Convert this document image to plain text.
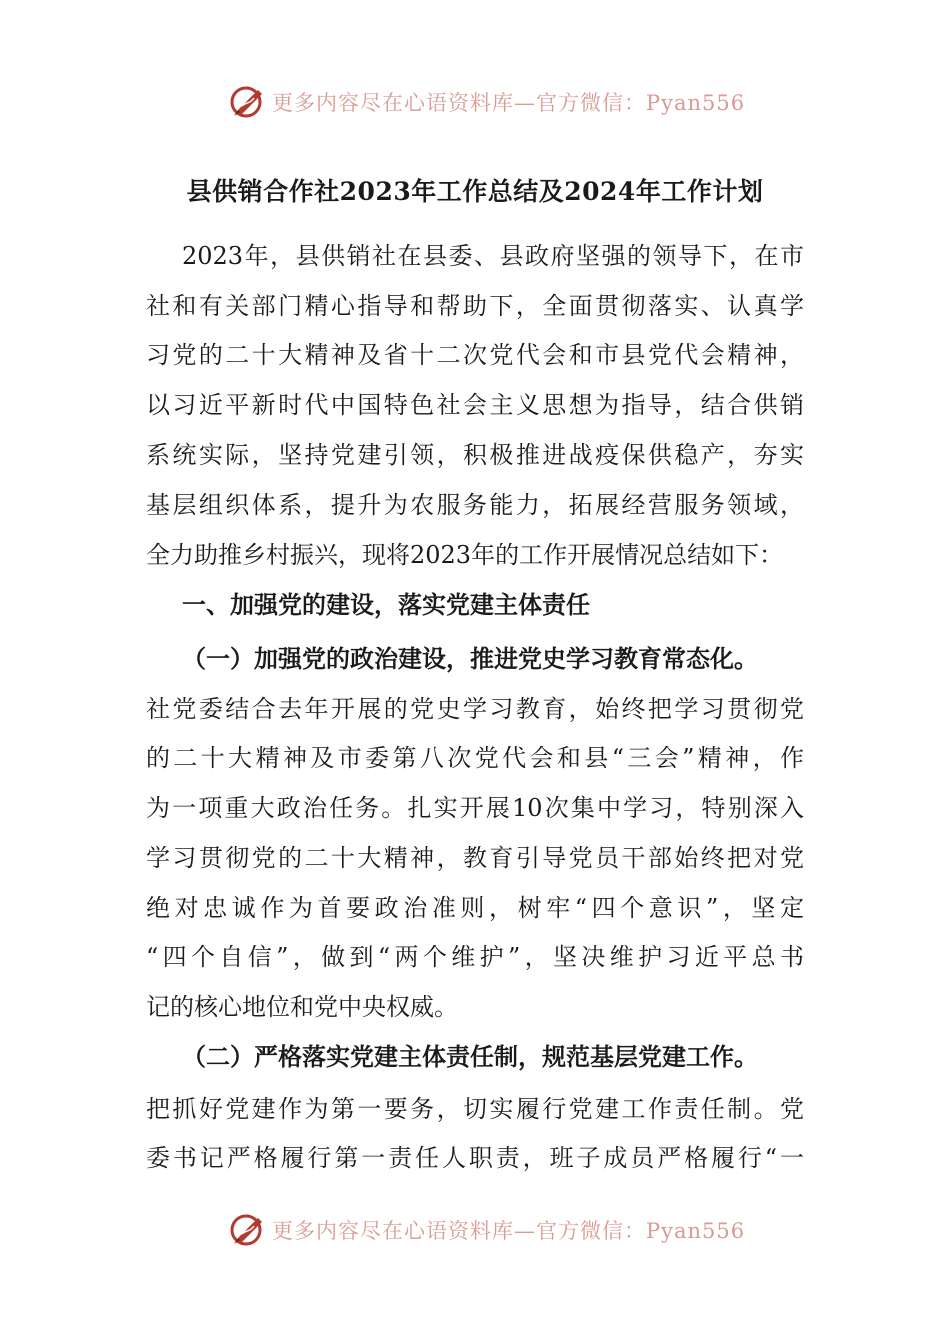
更多内容尽在心语资料库—官方微信：Pyan556
县供销合作社2023年工作总结及2024年工作计划
2023年，县供销社在县委、县政府坚强的领导下，在市
社和有关部门精心指导和帮助下，全面贯彻落实、认真学
习党的二十大精神及省十二次党代会和市县党代会精神，
以习近平新时代中国特色社会主义思想为指导，结合供销
系统实际，坚持党建引领，积极推进战疫保供稳产，夯实
基层组织体系，提升为农服务能力，拓展经营服务领域，
全力助推乡村振兴，现将2023年的工作开展情况总结如下：
一、加强党的建设，落实党建主体责任
（一）加强党的政治建设，推进党史学习教育常态化。
社党委结合去年开展的党史学习教育，始终把学习贯彻党
的二十大精神及市委第八次党代会和县“三会”精神，作
为一项重大政治任务。扎实开展10次集中学习，特别深入
学习贯彻党的二十大精神，教育引导党员干部始终把对党
绝对忠诚作为首要政治准则，树牢“四个意识”，坚定
“四个自信”，做到“两个维护”，坚决维护习近平总书
记的核心地位和党中央权威。
（二）严格落实党建主体责任制，规范基层党建工作。
把抓好党建作为第一要务，切实履行党建工作责任制。党
委书记严格履行第一责任人职责，班子成员严格履行“一
更多内容尽在心语资料库—官方微信：Pyan556
